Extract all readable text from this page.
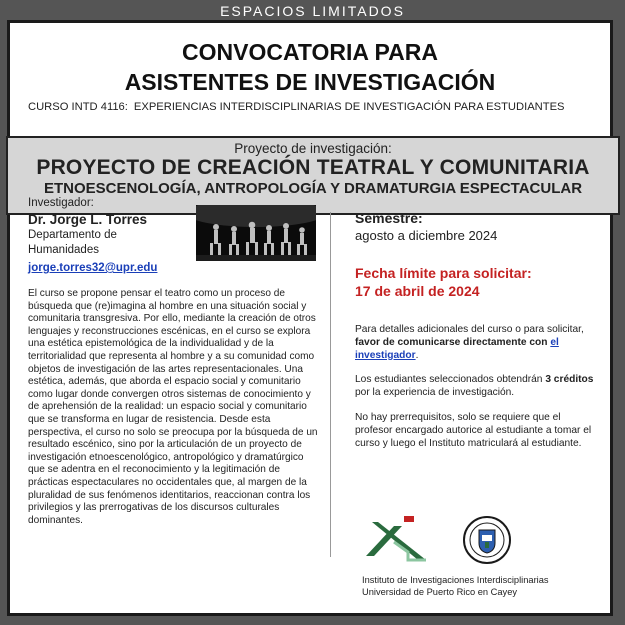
ESPACIOS LIMITADOS
CONVOCATORIA PARA
ASISTENTES DE INVESTIGACIÓN
CURSO INTD 4116: EXPERIENCIAS INTERDISCIPLINARIAS DE INVESTIGACIÓN PARA ESTUDIANTES
Proyecto de investigación:
PROYECTO DE CREACIÓN TEATRAL Y COMUNITARIA
ETNOESCENOLOGÍA, ANTROPOLOGÍA Y DRAMATURGIA ESPECTACULAR
Investigador:
Dr. Jorge L. Torres
Departamento de
Humanidades
jorge.torres32@upr.edu
El curso se propone pensar el teatro como un proceso de búsqueda que (re)imagina al hombre en una situación social y comunitaria transgresiva. Por ello, mediante la creación de otros lenguajes y reconstrucciones escénicas, en el curso se explora una estética epistemológica de la individualidad y de la territorialidad que representa al hombre y a su comunidad como objetos de investigación de las artes representacionales. Una estética, además, que aborda el espacio social y comunitario como lugar donde convergen otros sistemas de conocimiento y de aprehensión de la realidad: un espacio social y comunitario que se transforma en lugar de resistencia. Desde esta perspectiva, el curso no solo se preocupa por la búsqueda de un resultado escénico, sino por la articulación de un proyecto de investigación etnoescenológico, antropológico y dramatúrgico que se adentra en el reconocimiento y la legitimación de prácticas espectaculares no occidentales que, al margen de la pluralidad de sus fenómenos identitarios, reaccionan contra los privilegios y las prerrogativas de los discursos culturales dominantes.
Semestre:
agosto a diciembre 2024
Fecha límite para solicitar:
17 de abril de 2024
Para detalles adicionales del curso o para solicitar, favor de comunicarse directamente con el investigador.
Los estudiantes seleccionados obtendrán 3 créditos por la experiencia de investigación.
No hay prerrequisitos, solo se requiere que el profesor encargado autorice al estudiante a tomar el curso y luego el Instituto matriculará al estudiante.
Instituto de Investigaciones Interdisciplinarias
Universidad de Puerto Rico en Cayey
